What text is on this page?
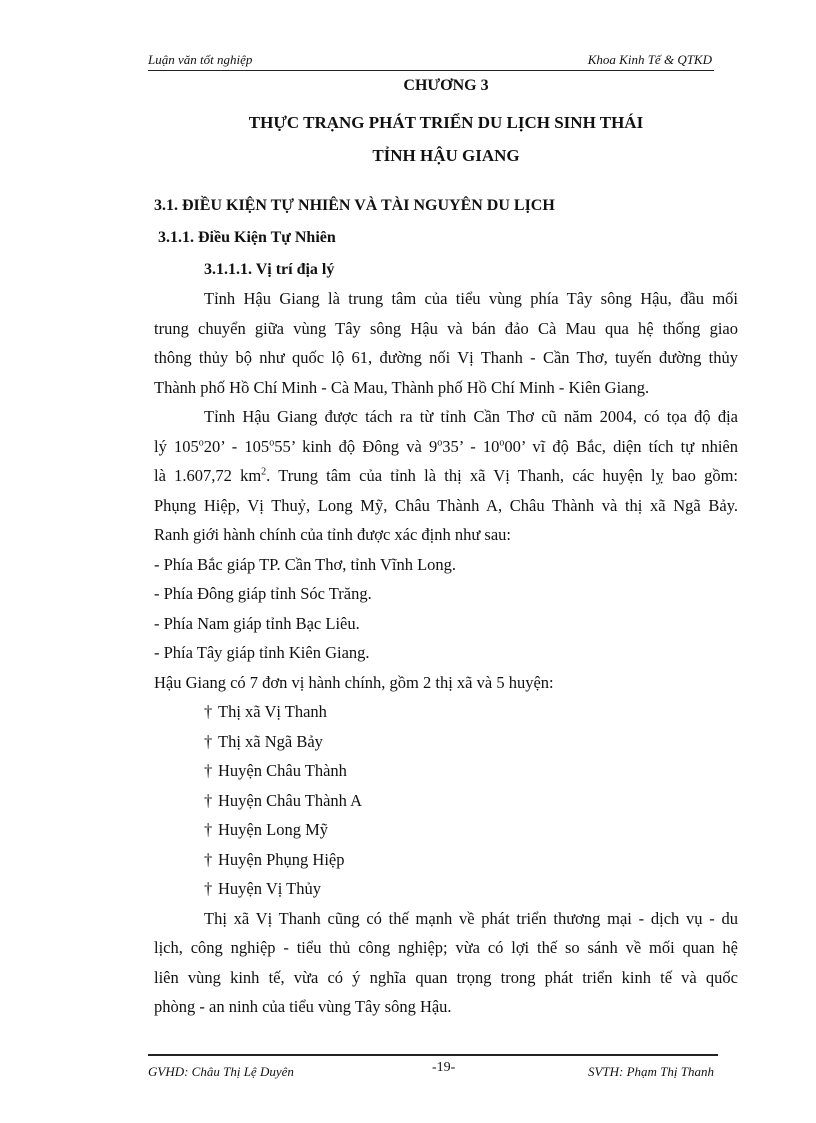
Luận văn tốt nghiệp	Khoa Kinh Tế & QTKD
CHƯƠNG 3
THỰC TRẠNG PHÁT TRIỂN DU LỊCH SINH THÁI
TỈNH HẬU GIANG
3.1. ĐIỀU KIỆN TỰ NHIÊN VÀ TÀI NGUYÊN DU LỊCH
3.1.1. Điều Kiện Tự Nhiên
3.1.1.1. Vị trí địa lý

Tỉnh Hậu Giang là trung tâm của tiểu vùng phía Tây sông Hậu, đầu mối
trung chuyển giữa vùng Tây sông Hậu và bán đảo Cà Mau qua hệ thống giao
thông thủy bộ như quốc lộ 61, đường nối Vị Thanh - Cần Thơ, tuyến đường thủy
Thành phố Hồ Chí Minh - Cà Mau, Thành phố Hồ Chí Minh - Kiên Giang.

Tỉnh Hậu Giang được tách ra từ tỉnh Cần Thơ cũ năm 2004, có tọa độ địa
lý 105$^o$20’ - 105$^o$55’ kinh độ Đông và 9$^o$35’ - 10$^o$00’ vĩ độ Bắc, diện tích tự nhiên
là 1.607,72 $km^2$. Trung tâm của tỉnh là thị xã Vị Thanh, các huyện lỵ bao gồm:
Phụng Hiệp, Vị Thuỷ, Long Mỹ, Châu Thành A, Châu Thành và thị xã Ngã Bảy.

Ranh giới hành chính của tỉnh được xác định như sau:
- Phía Bắc giáp TP. Cần Thơ, tỉnh Vĩnh Long.
- Phía Đông giáp tỉnh Sóc Trăng.
- Phía Nam giáp tỉnh Bạc Liêu.
- Phía Tây giáp tỉnh Kiên Giang.
Hậu Giang có 7 đơn vị hành chính, gồm 2 thị xã và 5 huyện:
† Thị xã Vị Thanh
† Thị xã Ngã Bảy
† Huyện Châu Thành
† Huyện Châu Thành A
† Huyện Long Mỹ
† Huyện Phụng Hiệp
† Huyện Vị Thủy

Thị xã Vị Thanh cũng có thế mạnh về phát triển thương mại - dịch vụ - du
lịch, công nghiệp - tiểu thủ công nghiệp; vừa có lợi thế so sánh về mối quan hệ
liên vùng kinh tế, vừa có ý nghĩa quan trọng trong phát triển kinh tế và quốc
phòng - an ninh của tiểu vùng Tây sông Hậu.

GVHD: Châu Thị Lệ Duyên	-19-	SVTH: Phạm Thị Thanh
